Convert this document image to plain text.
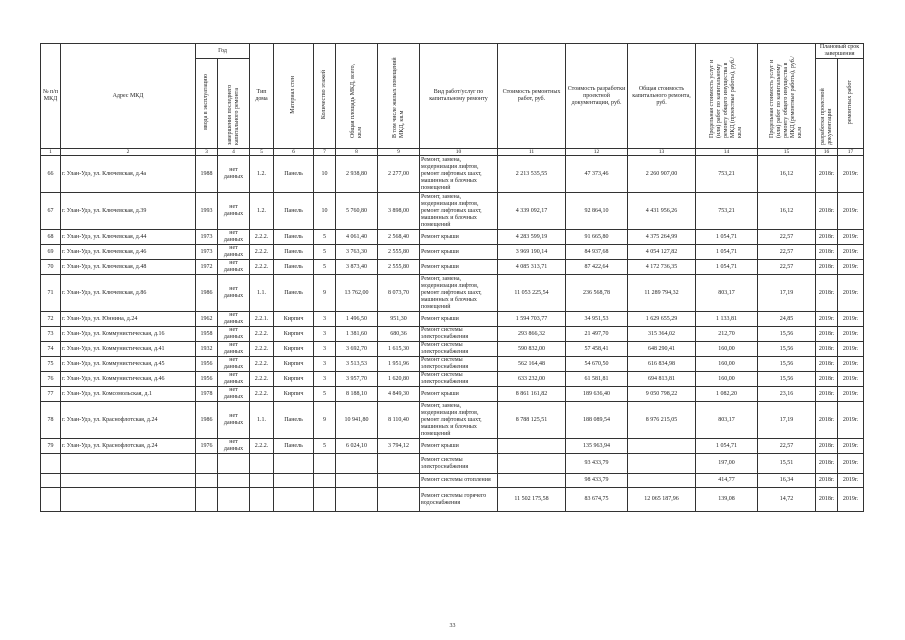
№ п/п МКД	Адрес МКД	Год		Тип дома	Материал стен	Количество этажей	Общая площадь МКД, всего, кв.м	В том числе жилых помещений МКД, кв.м	Вид работ/услуг по капитальному ремонту	Стоимость ремонтных работ, руб.	Стоимость разработки проектной документации, руб.	Общая стоимость капитального ремонта, руб.	Предельная стоимость услуг и (или) работ по капитальному ремонту общего имущества в МКД (проектные работы), руб./кв.м	Предельная стоимость услуг и (или) работ по капитальному ремонту общего имущества в МКД (ремонтные работы), руб./кв.м	Плановый срок завершения	
		ввода в эксплуатацию	завершения последнего капитального ремонта												разработки проектной документации	ремонтных работ
1	2	3	4	5	6	7	8	9	10	11	12	13	14	15	16	17
66	г. Улан-Удэ, ул. Ключевская, д.4а	1988	нет данных	1.2.	Панель	10	2 938,80	2 277,00	Ремонт, замена, модернизация лифтов, ремонт лифтовых шахт, машинных и блочных помещений	2 213 535,55	47 373,46	2 260 907,00	753,21	16,12	2018г.	2019г.
67	г. Улан-Удэ, ул. Ключевская, д.39	1993	нет данных	1.2.	Панель	10	5 760,80	3 898,00	Ремонт, замена, модернизация лифтов, ремонт лифтовых шахт, машинных и блочных помещений	4 339 092,17	92 864,10	4 431 956,26	753,21	16,12	2018г.	2019г.
68	г. Улан-Удэ, ул. Ключевская, д.44	1973	нет данных	2.2.2.	Панель	5	4 061,40	2 568,40	Ремонт крыши	4 283 599,19	91 665,80	4 375 264,99	1 054,71	22,57	2018г.	2019г.
69	г. Улан-Удэ, ул. Ключевская, д.46	1973	нет данных	2.2.2.	Панель	5	3 763,30	2 555,80	Ремонт крыши	3 969 190,14	84 937,68	4 054 127,82	1 054,71	22,57	2018г.	2019г.
70	г. Улан-Удэ, ул. Ключевская, д.48	1972	нет данных	2.2.2.	Панель	5	3 873,40	2 555,80	Ремонт крыши	4 085 313,71	87 422,64	4 172 736,35	1 054,71	22,57	2018г.	2019г.
71	г. Улан-Удэ, ул. Ключевская, д.86	1986	нет данных	1.1.	Панель	9	13 762,00	8 073,70	Ремонт, замена, модернизация лифтов, ремонт лифтовых шахт, машинных и блочных помещений	11 053 225,54	236 568,78	11 289 794,32	803,17	17,19	2018г.	2019г.
72	г. Улан-Удэ, ул. Юннина, д.24	1962	нет данных	2.2.1.	Кирпич	3	1 496,50	951,30	Ремонт крыши	1 594 703,77	34 951,53	1 629 655,29	1 133,81	24,85	2019г.	2019г.
73	г. Улан-Удэ, ул. Коммунистическая, д.16	1958	нет данных	2.2.2.	Кирпич	3	1 381,60	680,36	Ремонт системы электроснабжения	293 866,32	21 497,70	315 364,02	212,70	15,56	2018г.	2019г.
74	г. Улан-Удэ, ул. Коммунистическая, д.41	1932	нет данных	2.2.2.	Кирпич	3	3 692,70	1 615,30	Ремонт системы электроснабжения	590 832,00	57 458,41	648 290,41	160,00	15,56	2018г.	2019г.
75	г. Улан-Удэ, ул. Коммунистическая, д.45	1956	нет данных	2.2.2.	Кирпич	3	3 513,53	1 951,96	Ремонт системы электроснабжения	562 164,48	54 670,50	616 834,98	160,00	15,56	2018г.	2019г.
76	г. Улан-Удэ, ул. Коммунистическая, д.46	1956	нет данных	2.2.2.	Кирпич	3	3 957,70	1 620,80	Ремонт системы электроснабжения	633 232,00	61 581,81	694 813,81	160,00	15,56	2018г.	2019г.
77	г. Улан-Удэ, ул. Комсомольская, д.1	1978	нет данных	2.2.2.	Кирпич	5	8 188,10	4 849,30	Ремонт крыши	8 861 161,82	189 636,40	9 050 798,22	1 082,20	23,16	2018г.	2019г.
78	г. Улан-Удэ, ул. Краснофлотская, д.24	1986	нет данных	1.1.	Панель	9	10 941,80	8 110,40	Ремонт, замена, модернизация лифтов, ремонт лифтовых шахт, машинных и блочных помещений	8 788 125,51	188 089,54	8 976 215,05	803,17	17,19	2018г.	2019г.
79	г. Улан-Удэ, ул. Краснофлотская, д.24	1976	нет данных	2.2.2.	Панель	5	6 024,10	3 794,12	Ремонт крыши		135 963,94		1 054,71	22,57	2018г.	2019г.
									Ремонт системы электроснабжения		93 433,79		197,00	15,51	2018г.	2019г.
									Ремонт системы отопления		98 433,79		414,77	16,34	2018г.	2019г.
									Ремонт системы горячего водоснабжения	11 502 175,58	83 674,75	12 065 187,96	139,08	14,72	2018г.	2019г.
33
